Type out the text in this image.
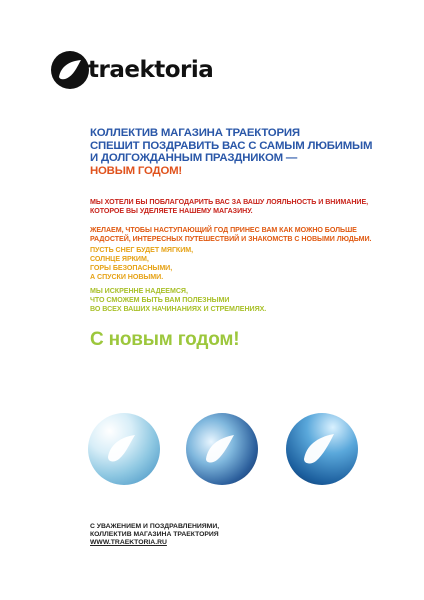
traektoria
КОЛЛЕКТИВ МАГАЗИНА ТРАЕКТОРИЯ
СПЕШИТ ПОЗДРАВИТЬ ВАС С САМЫМ ЛЮБИМЫМ
И ДОЛГОЖДАННЫМ ПРАЗДНИКОМ —
НОВЫМ ГОДОМ!
МЫ ХОТЕЛИ БЫ ПОБЛАГОДАРИТЬ ВАС ЗА ВАШУ ЛОЯЛЬНОСТЬ И ВНИМАНИЕ,
КОТОРОЕ ВЫ УДЕЛЯЕТЕ НАШЕМУ МАГАЗИНУ.
ЖЕЛАЕМ, ЧТОБЫ НАСТУПАЮЩИЙ ГОД ПРИНЕС ВАМ КАК МОЖНО БОЛЬШЕ
РАДОСТЕЙ, ИНТЕРЕСНЫХ ПУТЕШЕСТВИЙ И ЗНАКОМСТВ С НОВЫМИ ЛЮДЬМИ.
ПУСТЬ СНЕГ БУДЕТ МЯГКИМ,
СОЛНЦЕ ЯРКИМ,
ГОРЫ БЕЗОПАСНЫМИ,
А СПУСКИ НОВЫМИ.
МЫ ИСКРЕННЕ НАДЕЕМСЯ,
ЧТО СМОЖЕМ БЫТЬ ВАМ ПОЛЕЗНЫМИ
ВО ВСЕХ ВАШИХ НАЧИНАНИЯХ И СТРЕМЛЕНИЯХ.
С новым годом!
С УВАЖЕНИЕМ И ПОЗДРАВЛЕНИЯМИ,
КОЛЛЕКТИВ МАГАЗИНА ТРАЕКТОРИЯ
WWW.TRAEKTORIA.RU
